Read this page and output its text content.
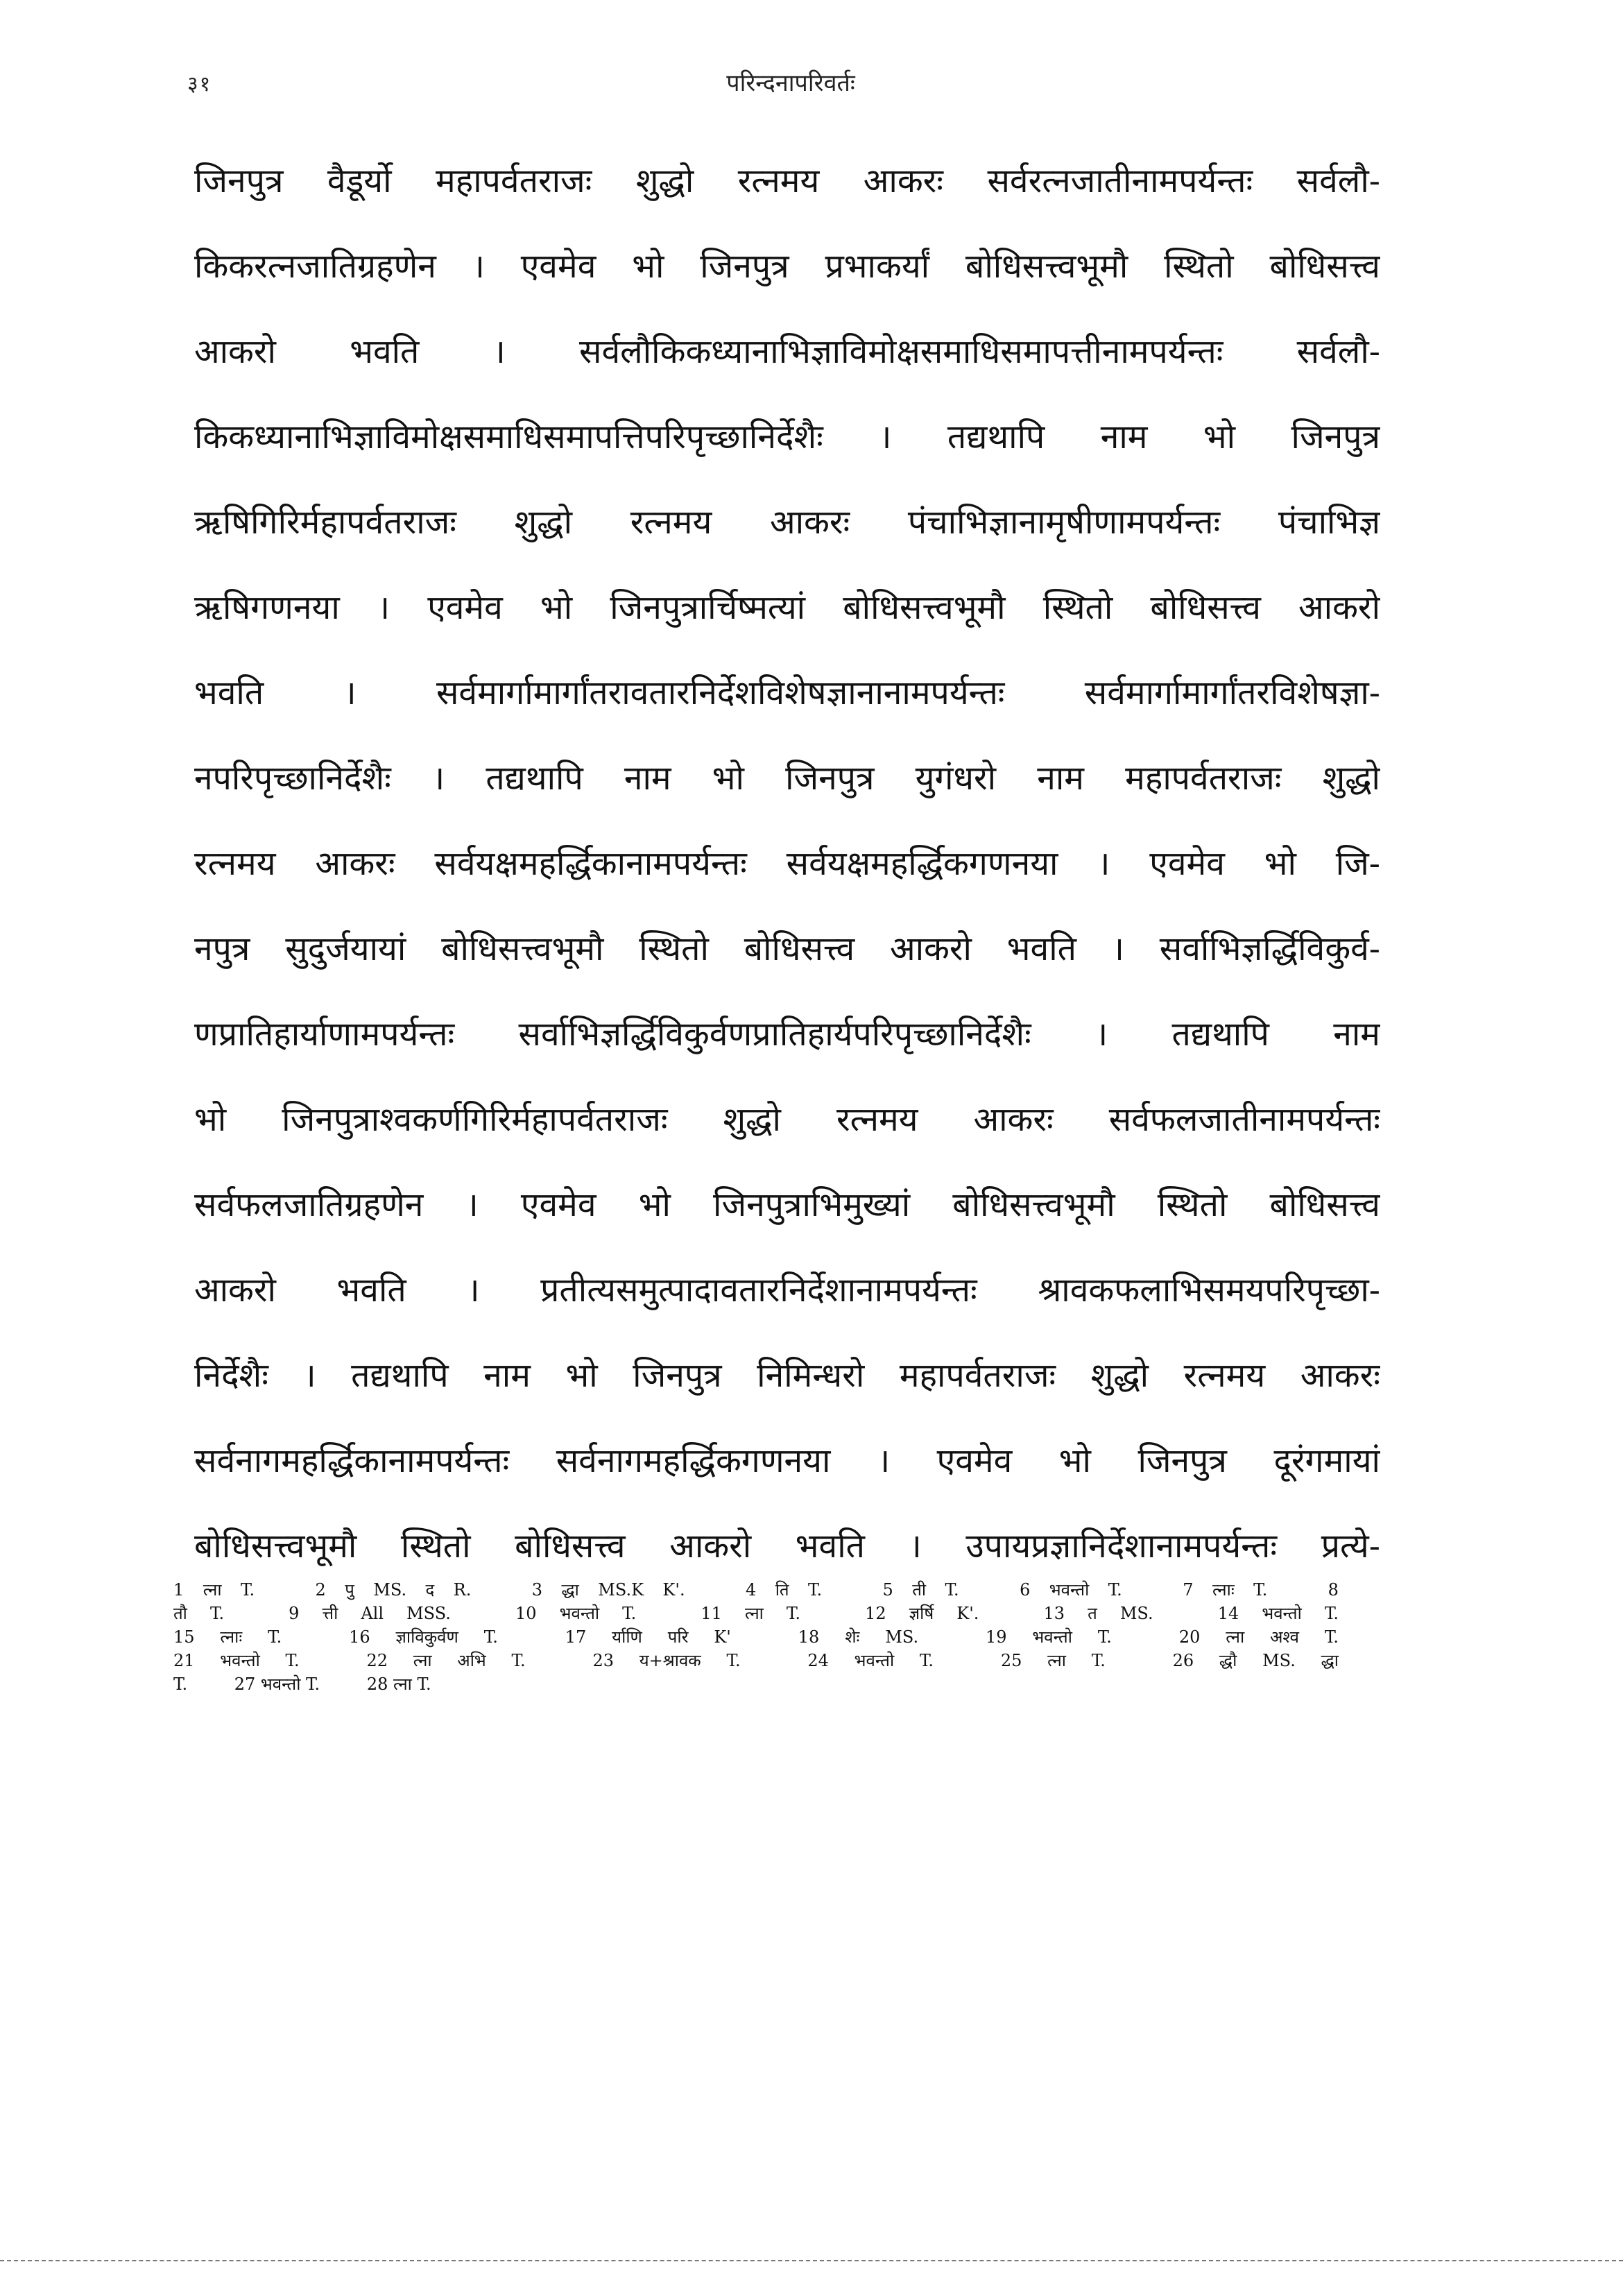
३१	परिन्दनापरिवर्तः
जिनपुत्र वैडूर्यो महापर्वतराजः शुद्धो रत्नमय आकरः सर्वरत्नजातीनामपर्यन्तः सर्वलौ-
किकरत्नजातिग्रहणेन । एवमेव भो जिनपुत्र प्रभाकर्यां बोधिसत्त्वभूमौ स्थितो बोधिसत्त्व
आकरो भवति । सर्वलौकिकध्यानाभिज्ञाविमोक्षसमाधिसमापत्तीनामपर्यन्तः सर्वलौ-
किकध्यानाभिज्ञाविमोक्षसमाधिसमापत्तिपरिपृच्छानिर्देशैः । तद्यथापि नाम भो जिनपुत्र
ऋषिगिरिर्महापर्वतराजः शुद्धो रत्नमय आकरः पंचाभिज्ञानामृषीणामपर्यन्तः पंचाभिज्ञ
ऋषिगणनया । एवमेव भो जिनपुत्रार्चिष्मत्यां बोधिसत्त्वभूमौ स्थितो बोधिसत्त्व आकरो
भवति । सर्वमार्गामार्गांतरावतारनिर्देशविशेषज्ञानानामपर्यन्तः सर्वमार्गामार्गांतरविशेषज्ञा-
नपरिपृच्छानिर्देशैः । तद्यथापि नाम भो जिनपुत्र युगंधरो नाम महापर्वतराजः शुद्धो
रत्नमय आकरः सर्वयक्षमहर्द्धिकानामपर्यन्तः सर्वयक्षमहर्द्धिकगणनया । एवमेव भो जि-
नपुत्र सुदुर्जयायां बोधिसत्त्वभूमौ स्थितो बोधिसत्त्व आकरो भवति । सर्वाभिज्ञर्द्धिविकुर्व-
णप्रातिहार्याणामपर्यन्तः सर्वाभिज्ञर्द्धिविकुर्वणप्रातिहार्यपरिपृच्छानिर्देशैः । तद्यथापि नाम
भो जिनपुत्राश्वकर्णगिरिर्महापर्वतराजः शुद्धो रत्नमय आकरः सर्वफलजातीनामपर्यन्तः
सर्वफलजातिग्रहणेन । एवमेव भो जिनपुत्राभिमुख्यां बोधिसत्त्वभूमौ स्थितो बोधिसत्त्व
आकरो भवति । प्रतीत्यसमुत्पादावतारनिर्देशानामपर्यन्तः श्रावकफलाभिसमयपरिपृच्छा-
निर्देशैः । तद्यथापि नाम भो जिनपुत्र निमिन्धरो महापर्वतराजः शुद्धो रत्नमय आकरः
सर्वनागमहर्द्धिकानामपर्यन्तः सर्वनागमहर्द्धिकगणनया । एवमेव भो जिनपुत्र दूरंगमायां
बोधिसत्त्वभूमौ स्थितो बोधिसत्त्व आकरो भवति । उपायप्रज्ञानिर्देशानामपर्यन्तः प्रत्ये-
1 त्ना T.	2 पु MS. द R.	3 द्धा MS.K K'.	4 ति T.	5 ती T.	6 भवन्तो T.	7 त्नाः T.	8
तौ T.	9 त्ती All MSS.	10 भवन्तो T.	11 त्ना T.	12 ज्ञर्षि K'.	13 त MS.	14 भवन्तो T.
15 त्नाः T.	16 ज्ञाविकुर्वण T.	17 र्याणि परि K'	18 शेः MS.	19 भवन्तो T.	20 त्ना अश्व T.
21 भवन्तो T.	22 त्ना अभि T.	23 य+श्रावक T.	24 भवन्तो T.	25 त्ना T.	26 द्धौ MS. द्धा
T.	27 भवन्तो T.	28 त्ना T.
